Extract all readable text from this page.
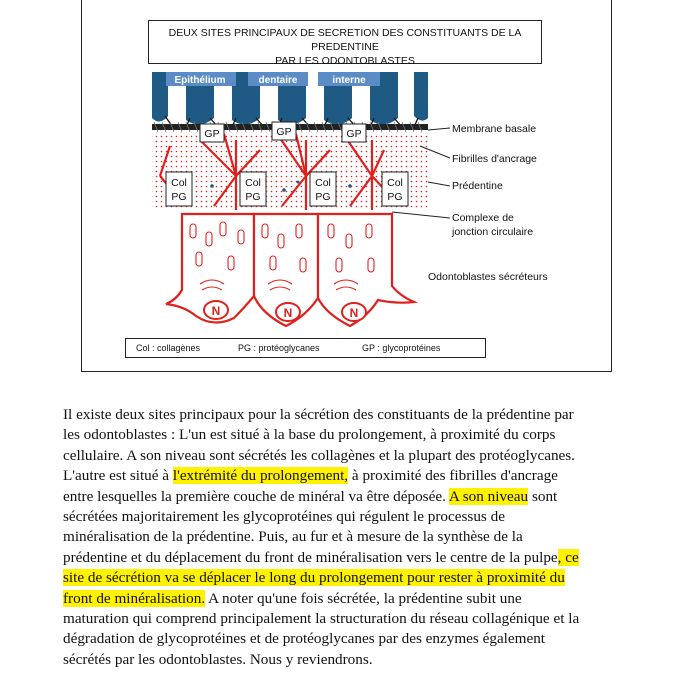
Epithélium	dentaire	interne
N	N	N
GP	GP	GP
Col
PG
Col
PG
Col
PG
Col
PG
Membrane basale
Fibrilles d'ancrage
Prédentine
Complexe de
jonction circulaire
Odontoblastes sécréteurs
DEUX SITES PRINCIPAUX DE SECRETION DES CONSTITUANTS DE LA PREDENTINE
PAR LES ODONTOBLASTES
Col : collagènes	PG : protéoglycanes	GP : glycoprotéines
Il existe deux sites principaux pour la sécrétion des constituants de la prédentine par
les odontoblastes : L'un est situé à la base du prolongement, à proximité du corps
cellulaire. A son niveau sont sécrétés les collagènes et la plupart des protéoglycanes.
L'autre est situé à l'extrémité du prolongement, à proximité des fibrilles d'ancrage
entre lesquelles la première couche de minéral va être déposée. A son niveau sont
sécrétées majoritairement les glycoprotéines qui régulent le processus de
minéralisation de la prédentine. Puis, au fur et à mesure de la synthèse de la
prédentine et du déplacement du front de minéralisation vers le centre de la pulpe, ce
site de sécrétion va se déplacer le long du prolongement pour rester à proximité du
front de minéralisation. A noter qu'une fois sécrétée, la prédentine subit une
maturation qui comprend principalement la structuration du réseau collagénique et la
dégradation de glycoprotéines et de protéoglycanes par des enzymes également
sécrétés par les odontoblastes. Nous y reviendrons.
